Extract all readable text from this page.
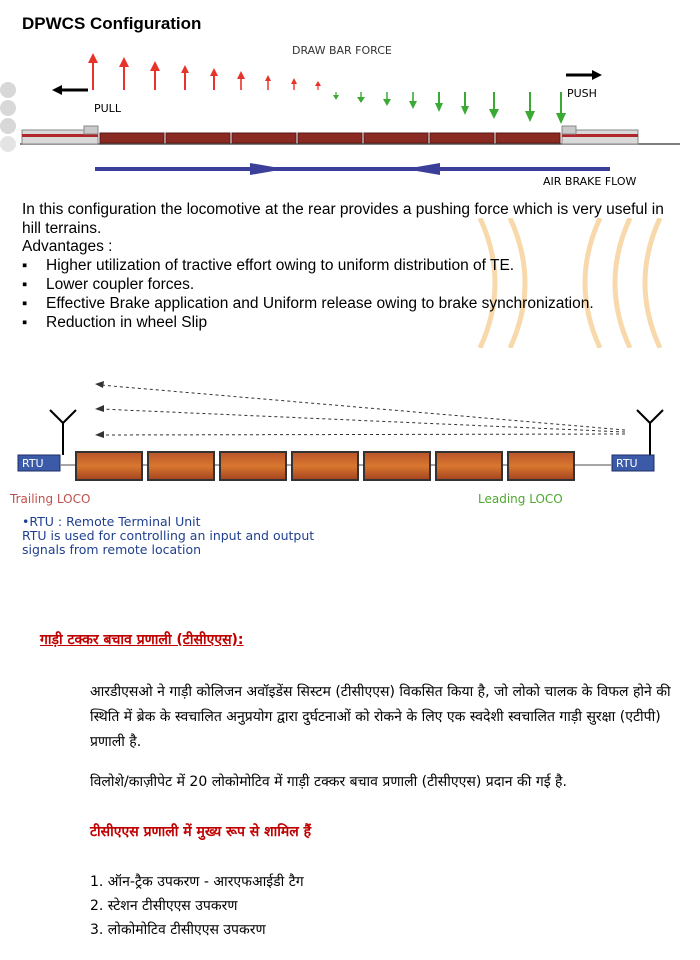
DPWCS Configuration
DRAW BAR FORCE
PULL
PUSH
AIR BRAKE FLOW
In this configuration the locomotive at the rear provides a pushing force which is very useful in hill terrains.
Advantages :
▪ Higher utilization of tractive effort owing to uniform distribution of TE.
▪ Lower coupler forces.
▪ Effective Brake application and Uniform release owing to brake synchronization.
▪ Reduction in wheel Slip
RTU	RTU
Trailing LOCO	Leading LOCO
•RTU : Remote Terminal Unit
RTU is used for controlling an input and output
signals from remote location
गाड़ी टक्कर बचाव प्रणाली (टीसीएएस):
आरडीएसओ ने गाड़ी कोलिजन अवॉइडेंस सिस्टम (टीसीएएस) विकसित किया है, जो लोको चालक के विफल होने की स्थिति में ब्रेक के स्वचालित अनुप्रयोग द्वारा दुर्घटनाओं को रोकने के लिए एक स्वदेशी स्वचालित गाड़ी सुरक्षा (एटीपी) प्रणाली है.
विलोशे/काज़ीपेट में 20 लोकोमोटिव में गाड़ी टक्कर बचाव प्रणाली (टीसीएएस) प्रदान की गई है.
टीसीएएस प्रणाली में मुख्य रूप से शामिल हैं
1. ऑन-ट्रैक उपकरण - आरएफआईडी टैग
2. स्टेशन टीसीएएस उपकरण
3. लोकोमोटिव टीसीएएस उपकरण
